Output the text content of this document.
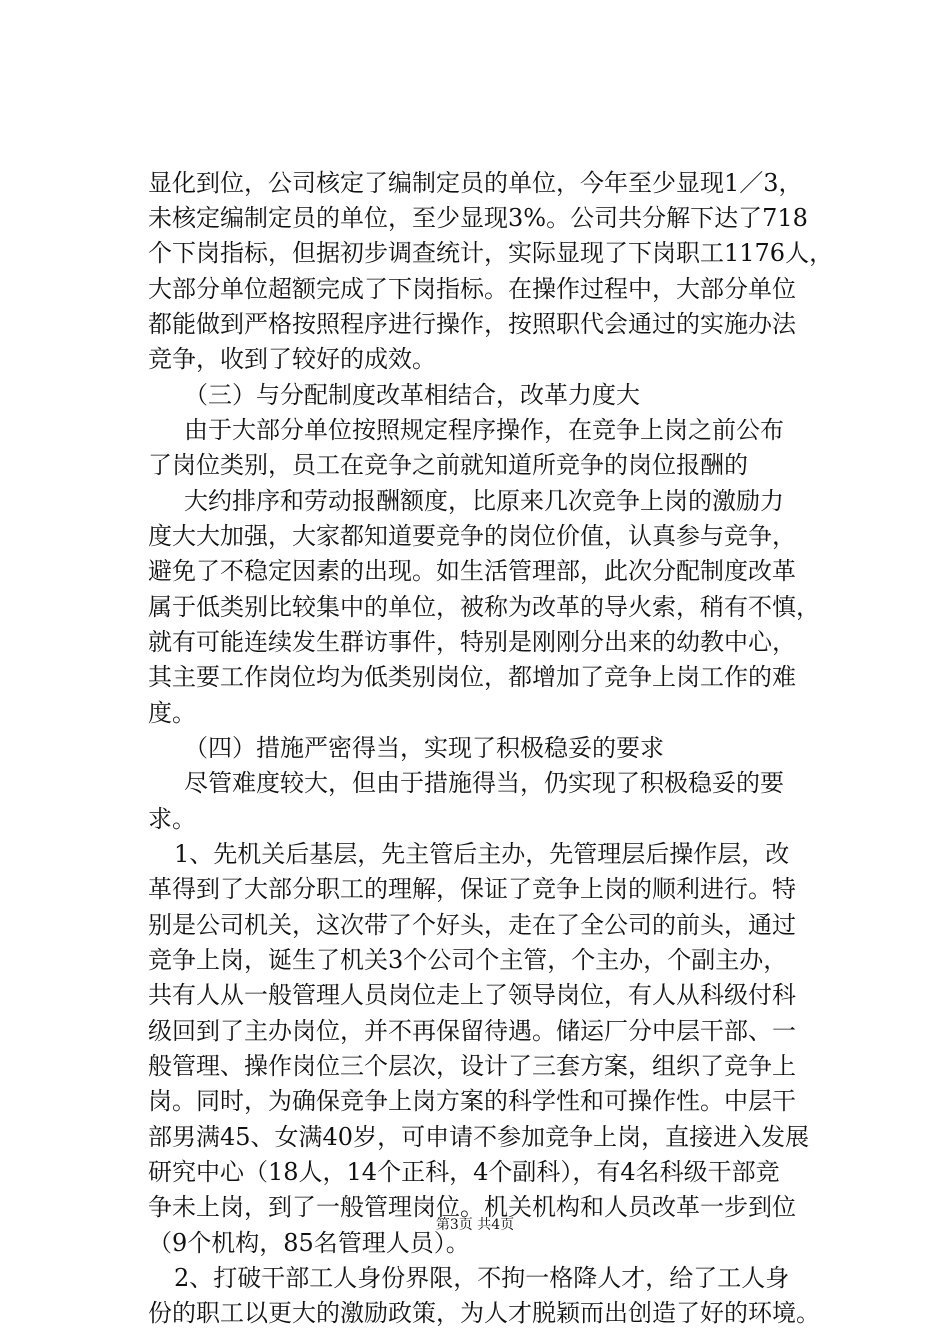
显化到位，公司核定了编制定员的单位，今年至少显现1／3，
未核定编制定员的单位，至少显现3%。公司共分解下达了718
个下岗指标，但据初步调查统计，实际显现了下岗职工1176人，
大部分单位超额完成了下岗指标。在操作过程中，大部分单位
都能做到严格按照程序进行操作，按照职代会通过的实施办法
竞争，收到了较好的成效。
（三）与分配制度改革相结合，改革力度大
由于大部分单位按照规定程序操作，在竞争上岗之前公布
了岗位类别，员工在竞争之前就知道所竞争的岗位报酬的
大约排序和劳动报酬额度，比原来几次竞争上岗的激励力
度大大加强，大家都知道要竞争的岗位价值，认真参与竞争，
避免了不稳定因素的出现。如生活管理部，此次分配制度改革
属于低类别比较集中的单位，被称为改革的导火索，稍有不慎，
就有可能连续发生群访事件，特别是刚刚分出来的幼教中心，
其主要工作岗位均为低类别岗位，都增加了竞争上岗工作的难
度。
（四）措施严密得当，实现了积极稳妥的要求
尽管难度较大，但由于措施得当，仍实现了积极稳妥的要
求。
1、先机关后基层，先主管后主办，先管理层后操作层，改
革得到了大部分职工的理解，保证了竞争上岗的顺利进行。特
别是公司机关，这次带了个好头，走在了全公司的前头，通过
竞争上岗，诞生了机关3个公司个主管，个主办，个副主办，
共有人从一般管理人员岗位走上了领导岗位，有人从科级付科
级回到了主办岗位，并不再保留待遇。储运厂分中层干部、一
般管理、操作岗位三个层次，设计了三套方案，组织了竞争上
岗。同时，为确保竞争上岗方案的科学性和可操作性。中层干
部男满45、女满40岁，可申请不参加竞争上岗，直接进入发展
研究中心（18人，14个正科，4个副科），有4名科级干部竞
争未上岗，到了一般管理岗位。机关机构和人员改革一步到位
（9个机构，85名管理人员）。
2、打破干部工人身份界限，不拘一格降人才，给了工人身
份的职工以更大的激励政策，为人才脱颖而出创造了好的环境。
第3页 共4页
